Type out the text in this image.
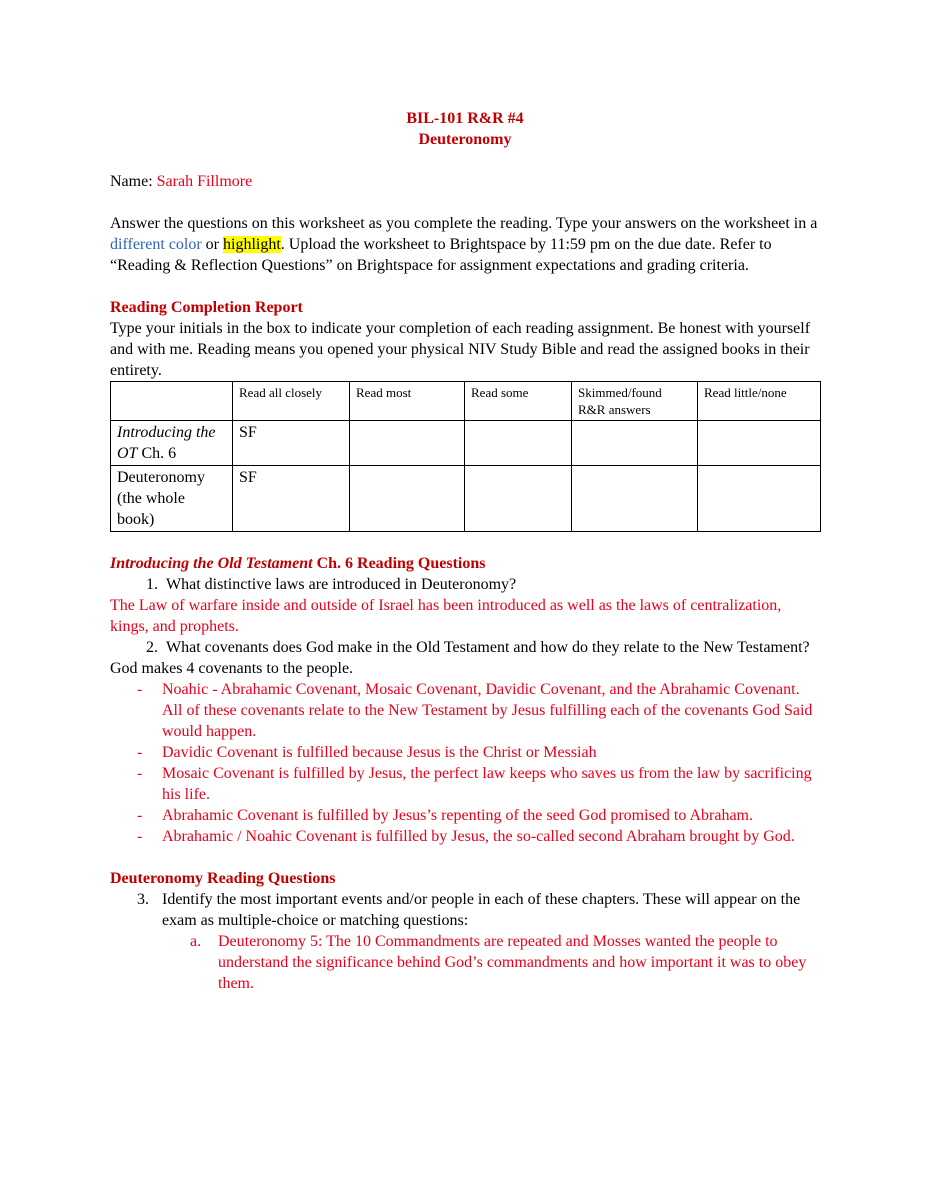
BIL-101 R&R #4
Deuteronomy

Name: Sarah Fillmore

Answer the questions on this worksheet as you complete the reading. Type your answers on the worksheet in a different color or highlight. Upload the worksheet to Brightspace by 11:59 pm on the due date. Refer to “Reading & Reflection Questions” on Brightspace for assignment expectations and grading criteria.

Reading Completion Report

Type your initials in the box to indicate your completion of each reading assignment. Be honest with yourself and with me. Reading means you opened your physical NIV Study Bible and read the assigned books in their entirety.

	Read all closely	Read most	Read some	Skimmed/found R&R answers	Read little/none
Introducing the OT Ch. 6	SF				
Deuteronomy (the whole book)	SF				
Introducing the Old Testament Ch. 6 Reading Questions
1. What distinctive laws are introduced in Deuteronomy?

The Law of warfare inside and outside of Israel has been introduced as well as the laws of centralization, kings, and prophets.

2. What covenants does God make in the Old Testament and how do they relate to the New Testament?

God makes 4 covenants to the people.

- Noahic - Abrahamic Covenant, Mosaic Covenant, Davidic Covenant, and the Abrahamic Covenant. All of these covenants relate to the New Testament by Jesus fulfilling each of the covenants God Said would happen.
- Davidic Covenant is fulfilled because Jesus is the Christ or Messiah
- Mosaic Covenant is fulfilled by Jesus, the perfect law keeps who saves us from the law by sacrificing his life.
- Abrahamic Covenant is fulfilled by Jesus’s repenting of the seed God promised to Abraham.
- Abrahamic / Noahic Covenant is fulfilled by Jesus, the so-called second Abraham brought by God.
Deuteronomy Reading Questions
3. Identify the most important events and/or people in each of these chapters. These will appear on the exam as multiple-choice or matching questions:
a. Deuteronomy 5: The 10 Commandments are repeated and Mosses wanted the people to understand the significance behind God’s commandments and how important it was to obey them.
